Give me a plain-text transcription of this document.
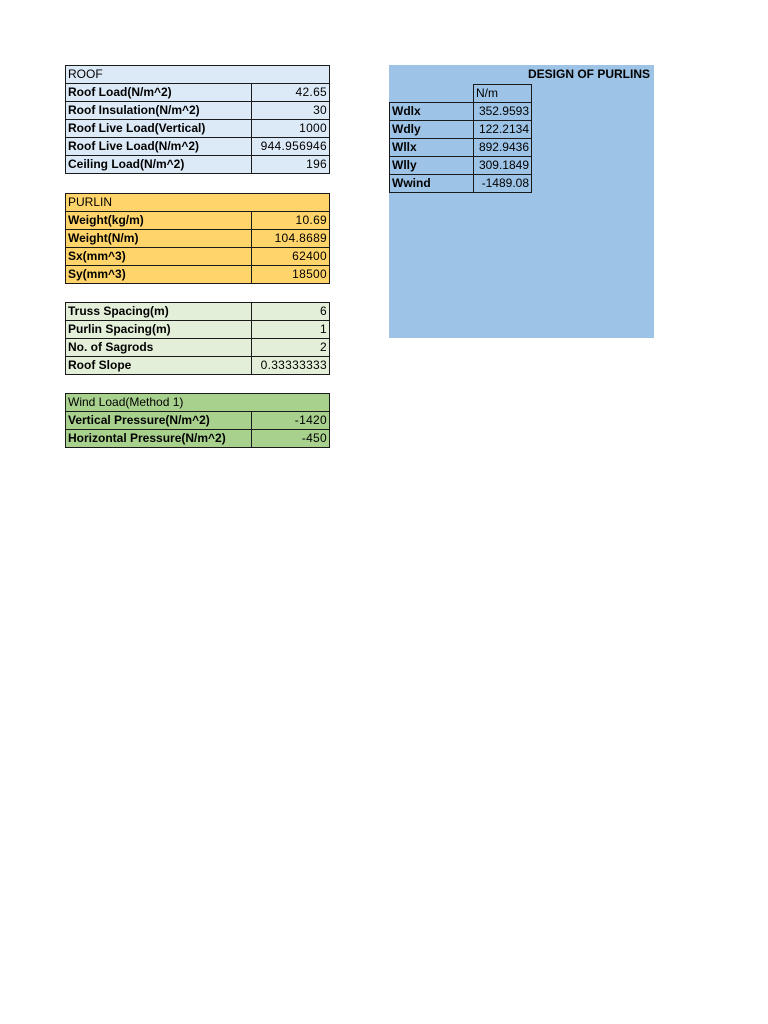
ROOF	
Roof Load(N/m^2)	42.65
Roof Insulation(N/m^2)	30
Roof Live Load(Vertical)	1000
Roof Live Load(N/m^2)	944.956946
Ceiling Load(N/m^2)	196
PURLIN	
Weight(kg/m)	10.69
Weight(N/m)	104.8689
Sx(mm^3)	62400
Sy(mm^3)	18500
Truss Spacing(m)	6
Purlin Spacing(m)	1
No. of Sagrods	2
Roof Slope	0.33333333
Wind Load(Method 1)	
Vertical Pressure(N/m^2)	-1420
Horizontal Pressure(N/m^2)	-450
DESIGN OF PURLINS
	N/m
Wdlx	352.9593
Wdly	122.2134
Wllx	892.9436
Wlly	309.1849
Wwind	-1489.08
